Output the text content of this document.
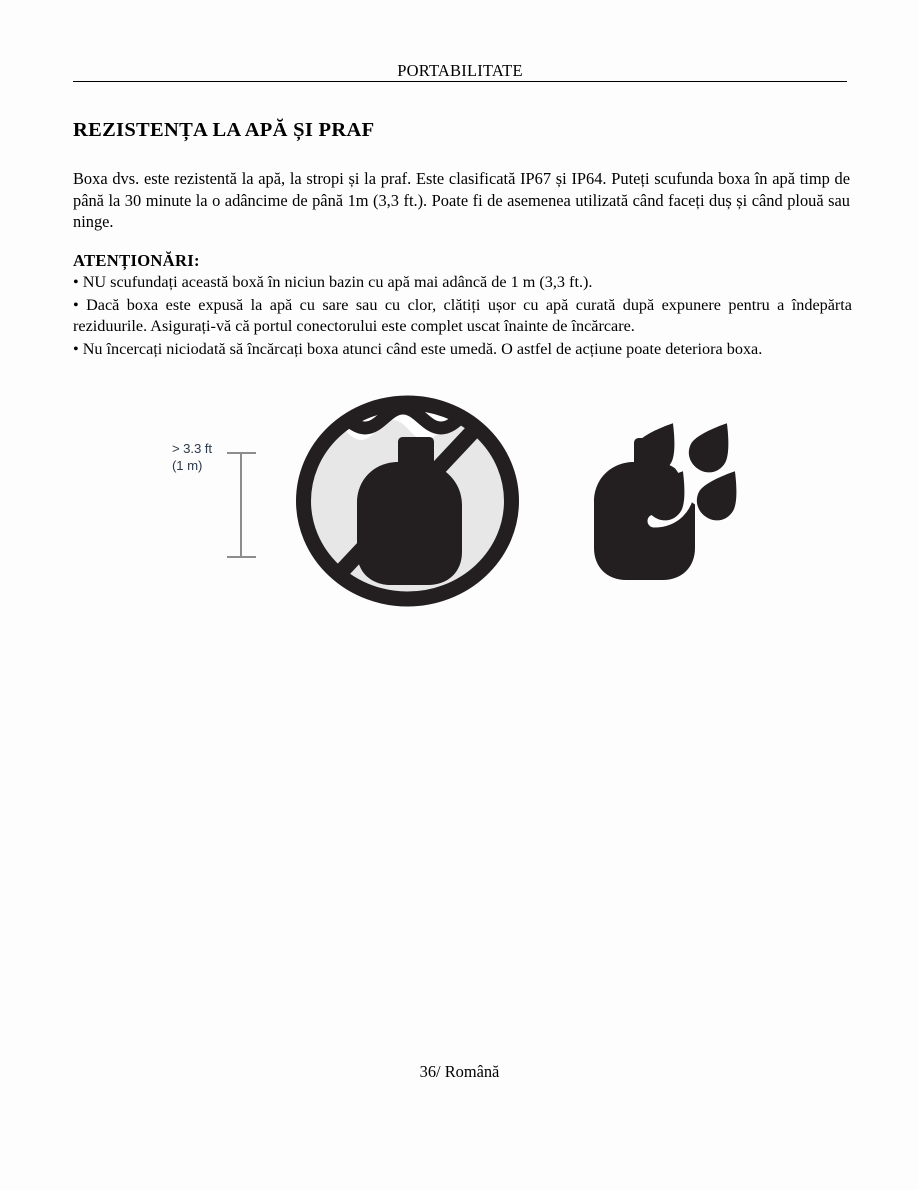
PORTABILITATE
REZISTENȚA LA APĂ ȘI PRAF

Boxa dvs. este rezistentă la apă, la stropi și la praf. Este clasificată IP67 și IP64. Puteți scufunda boxa în apă timp de până la 30 minute la o adâncime de până 1m (3,3 ft.). Poate fi de asemenea utilizată când faceți duș și când plouă sau ninge.

ATENȚIONĂRI:

• NU scufundați această boxă în niciun bazin cu apă mai adâncă de 1 m (3,3 ft.).

• Dacă boxa este expusă la apă cu sare sau cu clor, clătiți ușor cu apă curată după expunere pentru a îndepărta reziduurile. Asigurați-vă că portul conectorului este complet uscat înainte de încărcare.

• Nu încercați niciodată să încărcați boxa atunci când este umedă. O astfel de acțiune poate deteriora boxa.

> 3.3 ft
(1 m)
36/ Română
